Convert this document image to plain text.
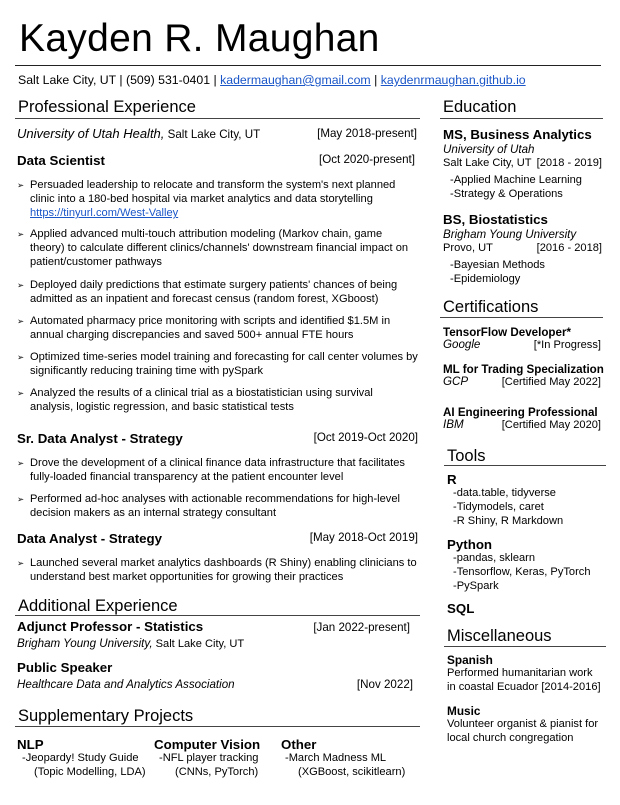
Kayden R. Maughan
Salt Lake City, UT | (509) 531-0401 | kadermaughan@gmail.com | kaydenrmaughan.github.io
Professional Experience
University of Utah Health, Salt Lake City, UT	[May 2018-present]
Data Scientist	[Oct 2020-present]
➢ Persuaded leadership to relocate and transform the system's next planned clinic into a 180-bed hospital via market analytics and data storytelling
https://tinyurl.com/West-Valley
➢ Applied advanced multi-touch attribution modeling (Markov chain, game theory) to calculate different clinics/channels' downstream financial impact on patient/customer pathways
➢ Deployed daily predictions that estimate surgery patients' chances of being admitted as an inpatient and forecast census (random forest, XGboost)
➢ Automated pharmacy price monitoring with scripts and identified $1.5M in annual charging discrepancies and saved 500+ annual FTE hours
➢ Optimized time-series model training and forecasting for call center volumes by significantly reducing training time with pySpark
➢ Analyzed the results of a clinical trial as a biostatistician using survival analysis, logistic regression, and basic statistical tests
Sr. Data Analyst - Strategy	[Oct 2019-Oct 2020]
➢ Drove the development of a clinical finance data infrastructure that facilitates fully-loaded financial transparency at the patient encounter level
➢ Performed ad-hoc analyses with actionable recommendations for high-level decision makers as an internal strategy consultant
Data Analyst - Strategy	[May 2018-Oct 2019]
➢ Launched several market analytics dashboards (R Shiny) enabling clinicians to understand best market opportunities for growing their practices
Additional Experience
Adjunct Professor - Statistics	[Jan 2022-present]
Brigham Young University, Salt Lake City, UT
Public Speaker
Healthcare Data and Analytics Association	[Nov 2022]
Supplementary Projects
NLP
-Jeopardy! Study Guide
(Topic Modelling, LDA)
Computer Vision
-NFL player tracking
(CNNs, PyTorch)
Other
-March Madness ML
(XGBoost, scikitlearn)
Education
MS, Business Analytics
University of Utah
Salt Lake City, UT [2018 - 2019]
-Applied Machine Learning
-Strategy & Operations
BS, Biostatistics
Brigham Young University
Provo, UT	[2016 - 2018]
-Bayesian Methods
-Epidemiology
Certifications
TensorFlow Developer*
Google	[*In Progress]
ML for Trading Specialization
GCP	[Certified May 2022]
AI Engineering Professional
IBM	[Certified May 2020]
Tools
R
-data.table, tidyverse
-Tidymodels, caret
-R Shiny, R Markdown
Python
-pandas, sklearn
-Tensorflow, Keras, PyTorch
-PySpark
SQL
Miscellaneous
Spanish
Performed humanitarian work
in coastal Ecuador [2014-2016]
Music
Volunteer organist & pianist for
local church congregation
